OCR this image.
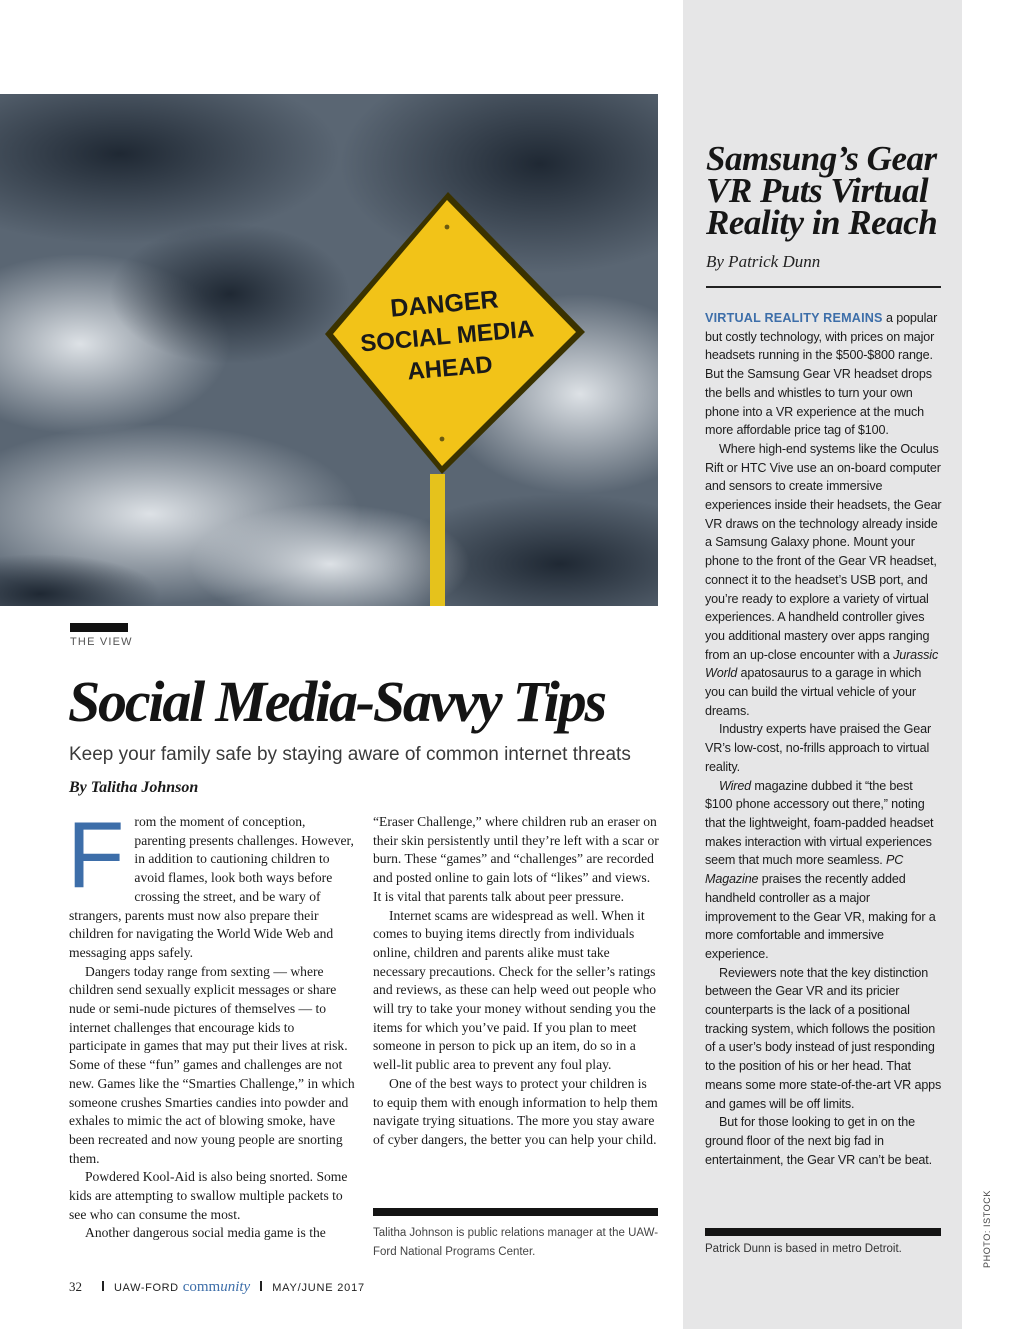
DANGER
SOCIAL MEDIA
AHEAD
Samsung’s Gear VR Puts Virtual Reality in Reach
By Patrick Dunn

VIRTUAL REALITY REMAINS a popular but costly technology, with prices on major headsets running in the $500-$800 range. But the Samsung Gear VR headset drops the bells and whistles to turn your own phone into a VR experience at the much more affordable price tag of $100.

Where high-end systems like the Oculus Rift or HTC Vive use an on-board computer and sensors to create immersive experiences inside their headsets, the Gear VR draws on the technology already inside a Samsung Galaxy phone. Mount your phone to the front of the Gear VR headset, connect it to the headset’s USB port, and you’re ready to explore a variety of virtual experiences. A handheld controller gives you additional mastery over apps ranging from an up-close encounter with a Jurassic World apatosaurus to a garage in which you can build the virtual vehicle of your dreams.

Industry experts have praised the Gear VR’s low-cost, no-frills approach to virtual reality.

Wired magazine dubbed it “the best $100 phone accessory out there,” noting that the lightweight, foam-padded headset makes interaction with virtual experiences seem that much more seamless. PC Magazine praises the recently added handheld controller as a major improvement to the Gear VR, making for a more comfortable and immersive experience.

Reviewers note that the key distinction between the Gear VR and its pricier counterparts is the lack of a positional tracking system, which follows the position of a user’s body instead of just responding to the position of his or her head. That means some more state-of-the-art VR apps and games will be off limits.

But for those looking to get in on the ground floor of the next big fad in entertainment, the Gear VR can’t be beat.

Patrick Dunn is based in metro Detroit.	PHOTO: ISTOCK
THE VIEW
Social Media-Savvy Tips
Keep your family safe by staying aware of common internet threats
By Talitha Johnson
F rom the moment of conception, parenting presents challenges. However, in addition to cautioning children to avoid flames, look both ways before crossing the street, and be wary of strangers, parents must now also prepare their children for navigating the World Wide Web and messaging apps safely.

Dangers today range from sexting — where children send sexually explicit messages or share nude or semi-nude pictures of themselves — to internet challenges that encourage kids to participate in games that may put their lives at risk. Some of these “fun” games and challenges are not new. Games like the “Smarties Challenge,” in which someone crushes Smarties candies into powder and exhales to mimic the act of blowing smoke, have been recreated and now young people are snorting them.

Powdered Kool-Aid is also being snorted. Some kids are attempting to swallow multiple packets to see who can consume the most.

Another dangerous social media game is the

“Eraser Challenge,” where children rub an eraser on their skin persistently until they’re left with a scar or burn. These “games” and “challenges” are recorded and posted online to gain lots of “likes” and views. It is vital that parents talk about peer pressure.

Internet scams are widespread as well. When it comes to buying items directly from individuals online, children and parents alike must take necessary precautions. Check for the seller’s ratings and reviews, as these can help weed out people who will try to take your money without sending you the items for which you’ve paid. If you plan to meet someone in person to pick up an item, do so in a well-lit public area to prevent any foul play.

One of the best ways to protect your children is to equip them with enough information to help them navigate trying situations. The more you stay aware of cyber dangers, the better you can help your child.

Talitha Johnson is public relations manager at the UAW-Ford National Programs Center.
32	UAW-FORD community MAY/JUNE 2017
